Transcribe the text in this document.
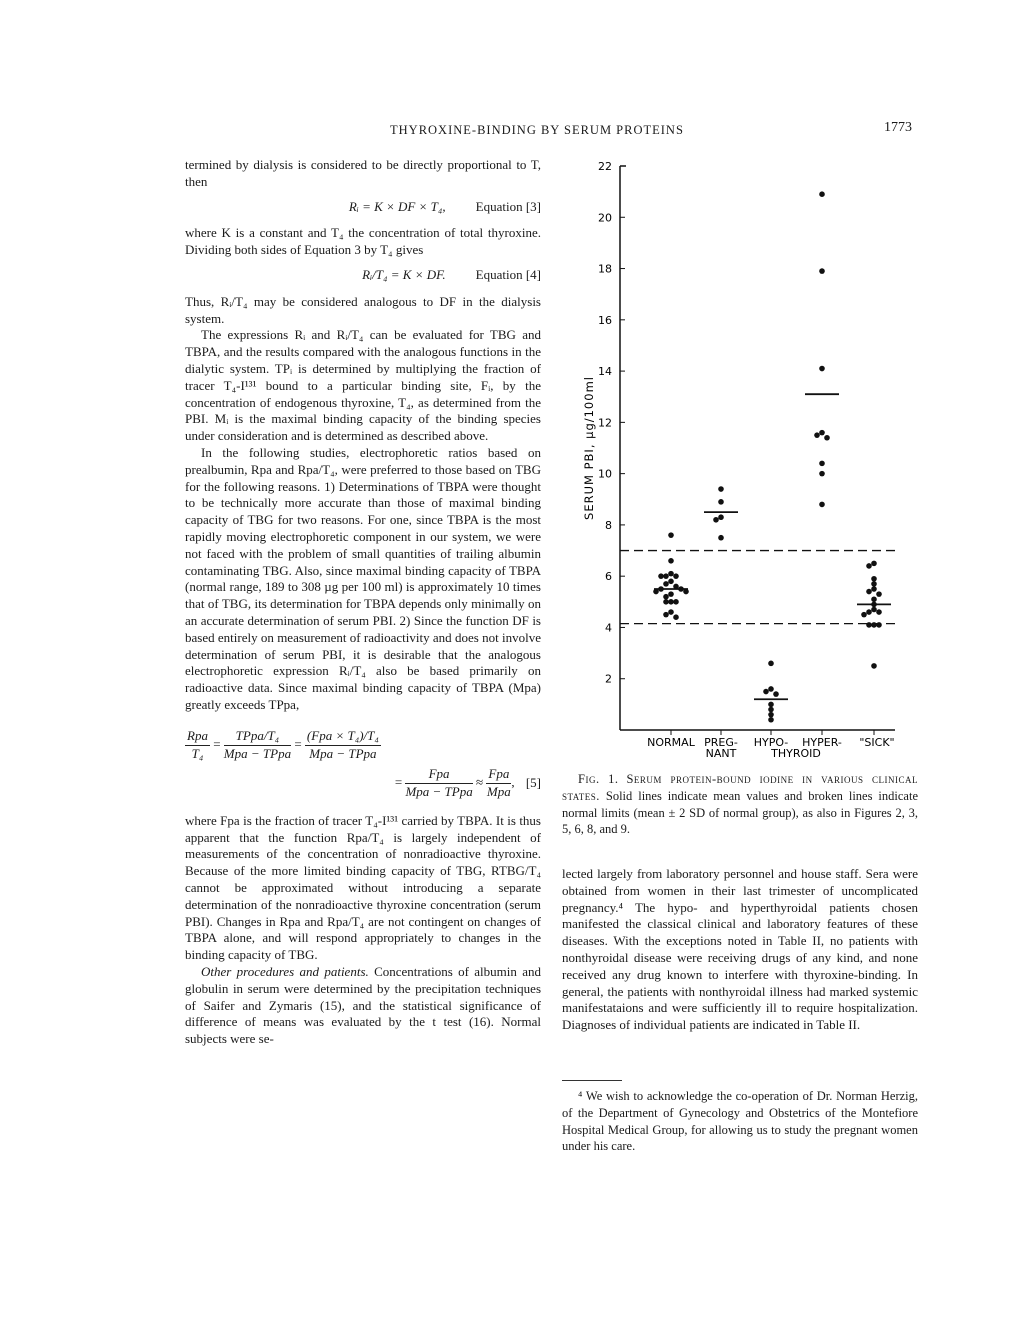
THYROXINE-BINDING BY SERUM PROTEINS	1773

termined by dialysis is considered to be directly proportional to T, then

Rᵢ = K × DF × T₄, Equation [3]

where K is a constant and T₄ the concentration of total thyroxine. Dividing both sides of Equation 3 by T₄ gives

Rᵢ/T₄ = K × DF. Equation [4]

Thus, Rᵢ/T₄ may be considered analogous to DF in the dialysis system.

The expressions Rᵢ and Rᵢ/T₄ can be evaluated for TBG and TBPA, and the results compared with the analogous functions in the dialytic system. TPᵢ is determined by multiplying the fraction of tracer T₄-I¹³¹ bound to a particular binding site, Fᵢ, by the concentration of endogenous thyroxine, T₄, as determined from the PBI. Mᵢ is the maximal binding capacity of the binding species under consideration and is determined as described above.

In the following studies, electrophoretic ratios based on prealbumin, Rpa and Rpa/T₄, were preferred to those based on TBG for the following reasons. 1) Determinations of TBPA were thought to be technically more accurate than those of maximal binding capacity of TBG for two reasons. For one, since TBPA is the most rapidly moving electrophoretic component in our system, we were not faced with the problem of small quantities of trailing albumin contaminating TBG. Also, since maximal binding capacity of TBPA (normal range, 189 to 308 µg per 100 ml) is approximately 10 times that of TBG, its determination for TBPA depends only minimally on an accurate determination of serum PBI. 2) Since the function DF is based entirely on measurement of radioactivity and does not involve determination of serum PBI, it is desirable that the analogous electrophoretic expression Rᵢ/T₄ also be based primarily on radioactive data. Since maximal binding capacity of TBPA (Mpa) greatly exceeds TPpa,

$\frac{\text{Rpa}}{\text{T₄}} = \frac{\text{TPpa/T₄}}{\text{Mpa − TPpa}} = \frac{\text{(Fpa × T₄)/T₄}}{\text{Mpa − TPpa}}$
= $\frac{\text{Fpa}}{\text{Mpa − TPpa}} \approx \frac{\text{Fpa}}{\text{Mpa}}$, [5]

where Fpa is the fraction of tracer T₄-I¹³¹ carried by TBPA. It is thus apparent that the function Rpa/T₄ is largely independent of measurements of the concentration of nonradioactive thyroxine. Because of the more limited binding capacity of TBG, RTBG/T₄ cannot be approximated without introducing a separate determination of the nonradioactive thyroxine concentration (serum PBI). Changes in Rpa and Rpa/T₄ are not contingent on changes of TBPA alone, and will respond appropriately to changes in the binding capacity of TBG.

Other procedures and patients. Concentrations of albumin and globulin in serum were determined by the precipitation techniques of Saifer and Zymaris (15), and the statistical significance of difference of means was evaluated by the t test (16). Normal subjects were se-

2
4
6
8
10
12
14
16
18
20
22
SERUM PBI, µg/100ml
NORMAL PREG-
NANT
HYPO- HYPER-
THYROID
"SICK"

Fig. 1. Serum protein-bound iodine in various clinical states. Solid lines indicate mean values and broken lines indicate normal limits (mean ± 2 SD of normal group), as also in Figures 2, 3, 5, 6, 8, and 9.

lected largely from laboratory personnel and house staff. Sera were obtained from women in their last trimester of uncomplicated pregnancy.⁴ The hypo- and hyperthyroidal patients chosen manifested the classical clinical and laboratory features of these diseases. With the exceptions noted in Table II, no patients with nonthyroidal disease were receiving drugs of any kind, and none received any drug known to interfere with thyroxine-binding. In general, the patients with nonthyroidal illness had marked systemic manifestataions and were sufficiently ill to require hospitalization. Diagnoses of individual patients are indicated in Table II.

⁴ We wish to acknowledge the co-operation of Dr. Norman Herzig, of the Department of Gynecology and Obstetrics of the Montefiore Hospital Medical Group, for allowing us to study the pregnant women under his care.
